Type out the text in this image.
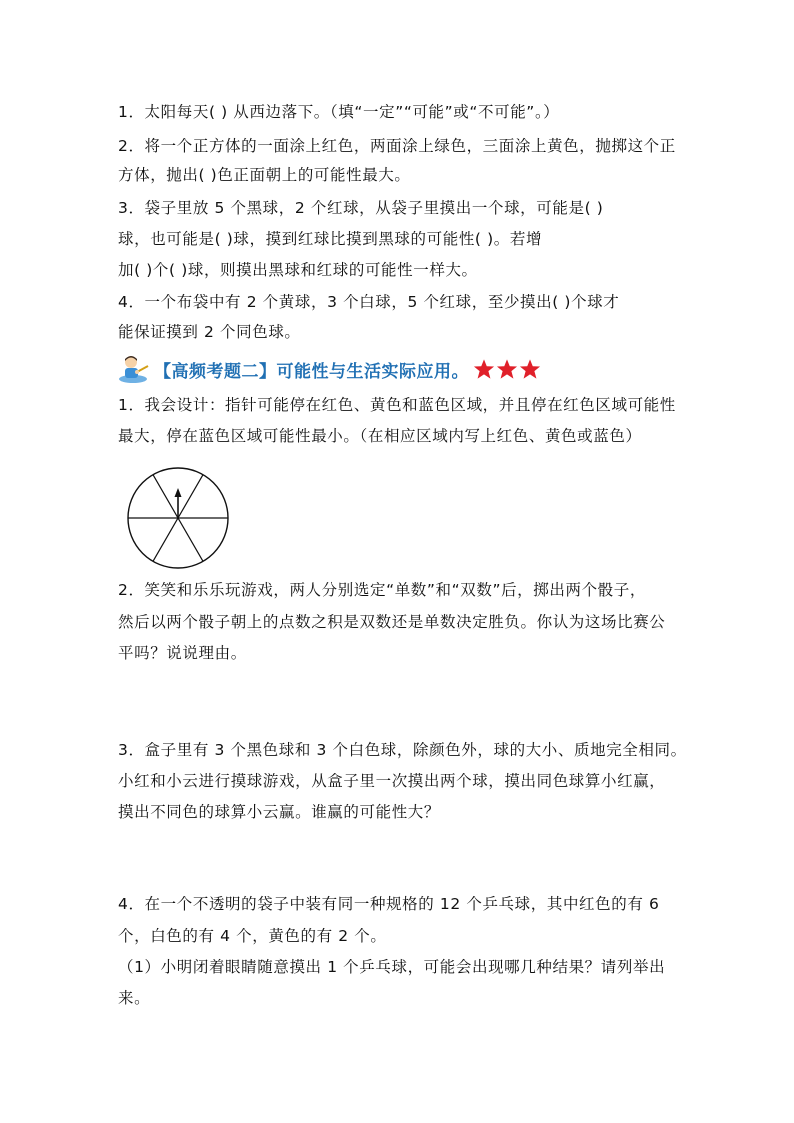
1．太阳每天( ) 从西边落下。（填“一定”“可能”或“不可能”。）
2．将一个正方体的一面涂上红色，两面涂上绿色，三面涂上黄色，抛掷这个正
方体，抛出( )色正面朝上的可能性最大。
3．袋子里放 5 个黑球，2 个红球，从袋子里摸出一个球，可能是( )
球，也可能是( )球，摸到红球比摸到黑球的可能性( )。若增
加( )个( )球，则摸出黑球和红球的可能性一样大。
4．一个布袋中有 2 个黄球，3 个白球，5 个红球，至少摸出( )个球才
能保证摸到 2 个同色球。
【高频考题二】可能性与生活实际应用。
1．我会设计：指针可能停在红色、黄色和蓝色区域，并且停在红色区域可能性
最大，停在蓝色区域可能性最小。（在相应区域内写上红色、黄色或蓝色）
2．笑笑和乐乐玩游戏，两人分别选定“单数”和“双数”后，掷出两个骰子，
然后以两个骰子朝上的点数之积是双数还是单数决定胜负。你认为这场比赛公
平吗？说说理由。
3．盒子里有 3 个黑色球和 3 个白色球，除颜色外，球的大小、质地完全相同。
小红和小云进行摸球游戏，从盒子里一次摸出两个球，摸出同色球算小红赢，
摸出不同色的球算小云赢。谁赢的可能性大？
4．在一个不透明的袋子中装有同一种规格的 12 个乒乓球，其中红色的有 6
个，白色的有 4 个，黄色的有 2 个。
（1）小明闭着眼睛随意摸出 1 个乒乓球，可能会出现哪几种结果？请列举出
来。
